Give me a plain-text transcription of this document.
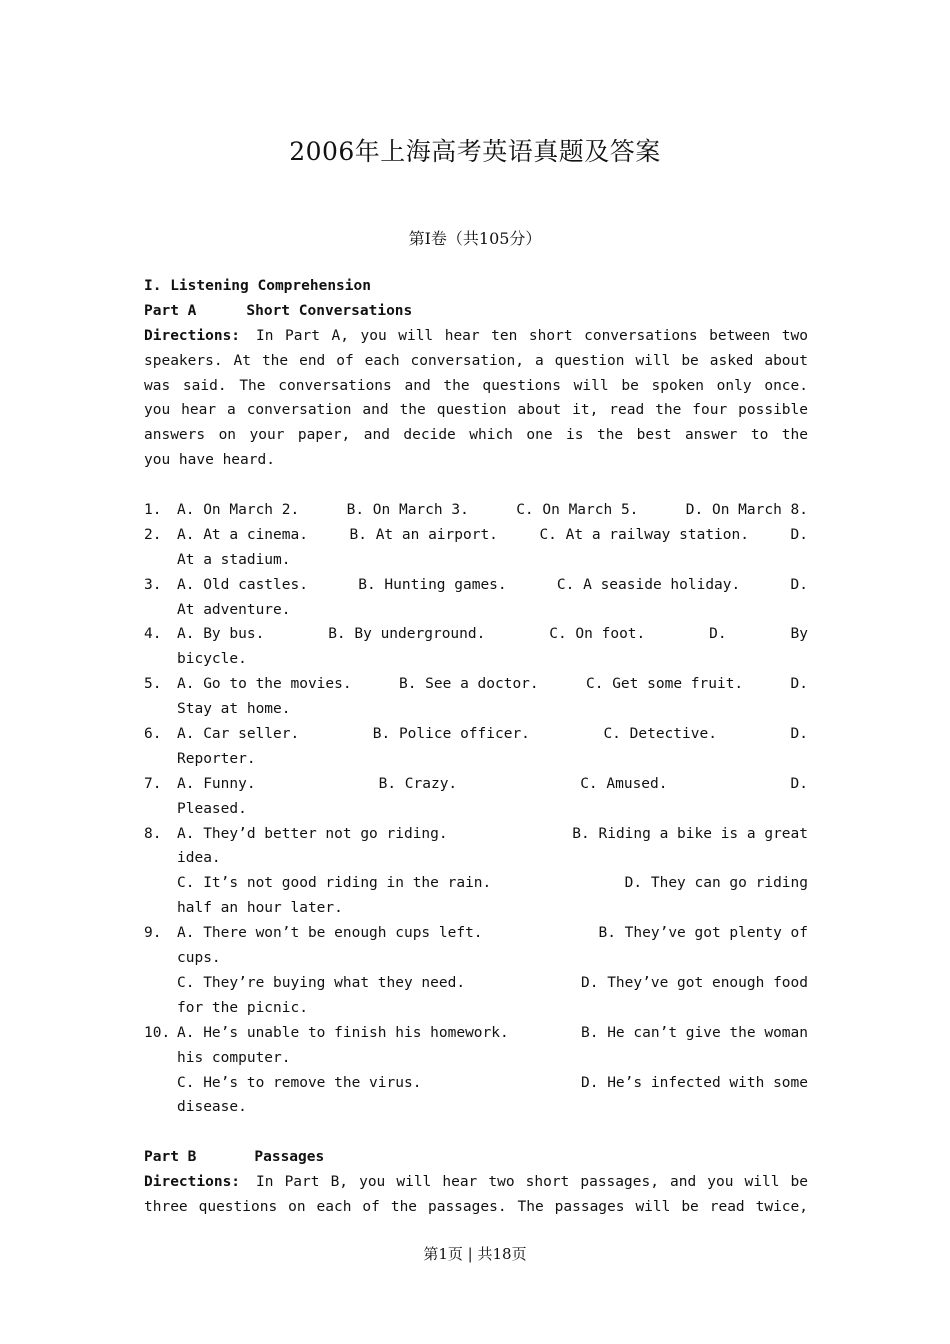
2006年上海高考英语真题及答案
第I卷（共105分）
I. Listening Comprehension
Part A	Short Conversations
Directions: In Part A, you will hear ten short conversations between two
speakers. At the end of each conversation, a question will be asked about
was said. The conversations and the questions will be spoken only once.
you hear a conversation and the question about it, read the four possible
answers on your paper, and decide which one is the best answer to the
you have heard.
1. A. On March 2.	B. On March 3.	C. On March 5.	D. On March 8.
2. A. At a cinema.	B. At an airport.	C. At a railway station.	D.
At a stadium.
3. A. Old castles.	B. Hunting games.	C. A seaside holiday.	D.
At adventure.
4. A. By bus.	B. By underground.	C. On foot.	D.	By
bicycle.
5. A. Go to the movies.	B. See a doctor.	C. Get some fruit.	D.
Stay at home.
6. A. Car seller.	B. Police officer.	C. Detective.	D.
Reporter.
7. A. Funny.	B. Crazy.	C. Amused.	D.
Pleased.
8. A. They’d better not go riding.	B. Riding a bike is a great
idea.
C. It’s not good riding in the rain.	D. They can go riding
half an hour later.
9. A. There won’t be enough cups left.	B. They’ve got plenty of
cups.
C. They’re buying what they need.	D. They’ve got enough food
for the picnic.
10. A. He’s unable to finish his homework.	B. He can’t give the woman
his computer.
C. He’s to remove the virus.	D. He’s infected with some
disease.
Part B	Passages
Directions: In Part B, you will hear two short passages, and you will be
three questions on each of the passages. The passages will be read twice,
第1页 | 共18页
